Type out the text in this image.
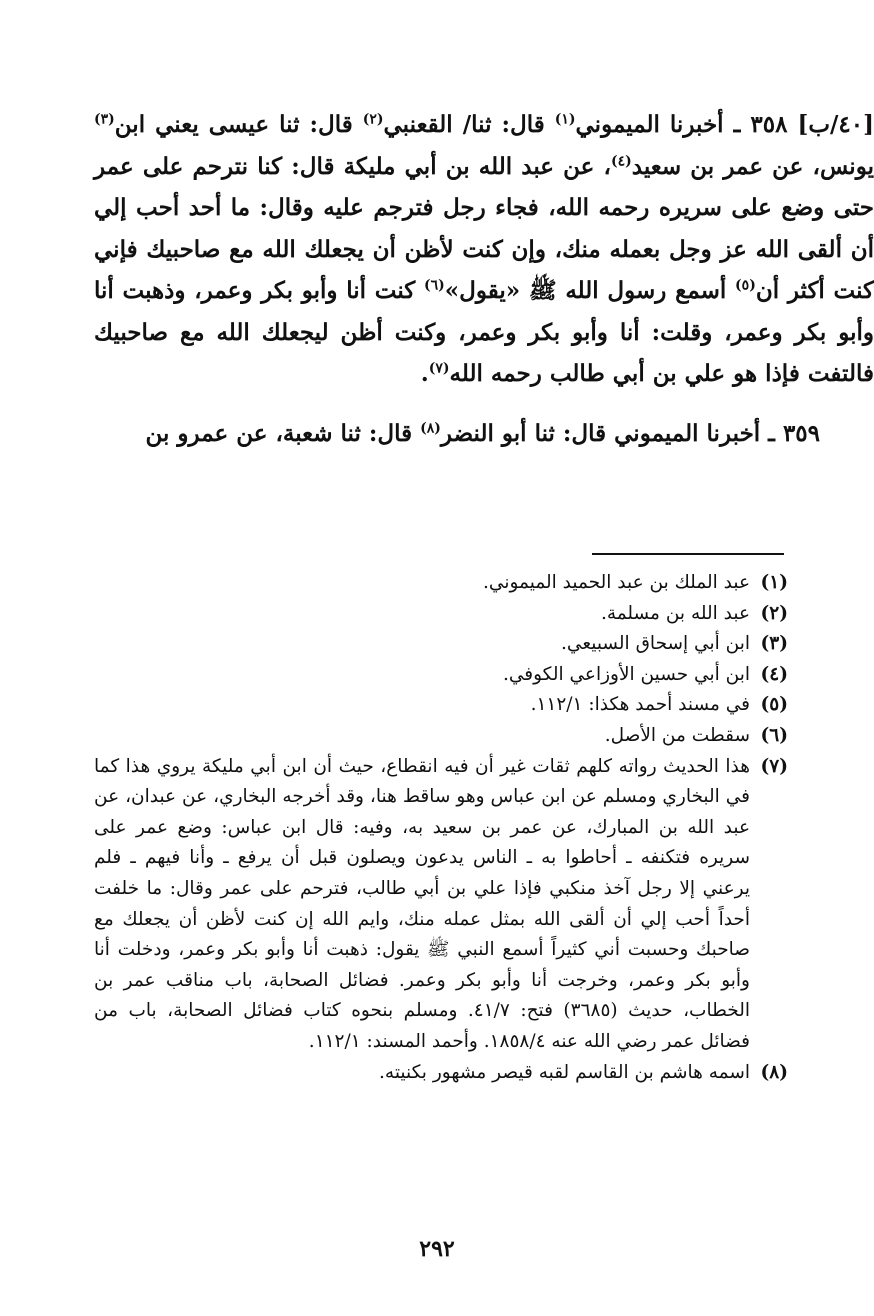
[٤٠/ب] ٣٥٨ ـ أخبرنا الميموني$^{(١)}$ قال: ثنا/ القعنبي$^{(٢)}$ قال: ثنا عيسى يعني ابن$^{(٣)}$ يونس، عن عمر بن سعيد$^{(٤)}$، عن عبد الله بن أبي مليكة قال: كنا نترحم على عمر حتى وضع على سريره رحمه الله، فجاء رجل فترجم عليه وقال: ما أحد أحب إلي أن ألقى الله عز وجل بعمله منك، وإن كنت لأظن أن يجعلك الله مع صاحبيك فإني كنت أكثر أن$^{(٥)}$ أسمع رسول الله ﷺ «يقول»$^{(٦)}$ كنت أنا وأبو بكر وعمر، وذهبت أنا وأبو بكر وعمر، وقلت: أنا وأبو بكر وعمر، وكنت أظن ليجعلك الله مع صاحبيك فالتفت فإذا هو علي بن أبي طالب رحمه الله$^{(٧)}$.

٣٥٩ ـ أخبرنا الميموني قال: ثنا أبو النضر$^{(٨)}$ قال: ثنا شعبة، عن عمرو بن

(١)
عبد الملك بن عبد الحميد الميموني.
(٢)
عبد الله بن مسلمة.
(٣)
ابن أبي إسحاق السبيعي.
(٤)
ابن أبي حسين الأوزاعي الكوفي.
(٥)
في مسند أحمد هكذا: ١١٢/١.
(٦)
سقطت من الأصل.
(٧)
هذا الحديث رواته كلهم ثقات غير أن فيه انقطاع، حيث أن ابن أبي مليكة يروي هذا كما في البخاري ومسلم عن ابن عباس وهو ساقط هنا، وقد أخرجه البخاري، عن عبدان، عن عبد الله بن المبارك، عن عمر بن سعيد به، وفيه: قال ابن عباس: وضع عمر على سريره فتكنفه ـ أحاطوا به ـ الناس يدعون ويصلون قبل أن يرفع ـ وأنا فيهم ـ فلم يرعني إلا رجل آخذ منكبي فإذا علي بن أبي طالب، فترحم على عمر وقال: ما خلفت أحداً أحب إلي أن ألقى الله بمثل عمله منك، وايم الله إن كنت لأظن أن يجعلك مع صاحبك وحسبت أني كثيراً أسمع النبي ﷺ يقول: ذهبت أنا وأبو بكر وعمر، ودخلت أنا وأبو بكر وعمر، وخرجت أنا وأبو بكر وعمر. فضائل الصحابة، باب مناقب عمر بن الخطاب، حديث (٣٦٨٥) فتح: ٤١/٧. ومسلم بنحوه كتاب فضائل الصحابة، باب من فضائل عمر رضي الله عنه ١٨٥٨/٤. وأحمد المسند: ١١٢/١.
(٨)
اسمه هاشم بن القاسم لقبه قيصر مشهور بكنيته.
٢٩٢
